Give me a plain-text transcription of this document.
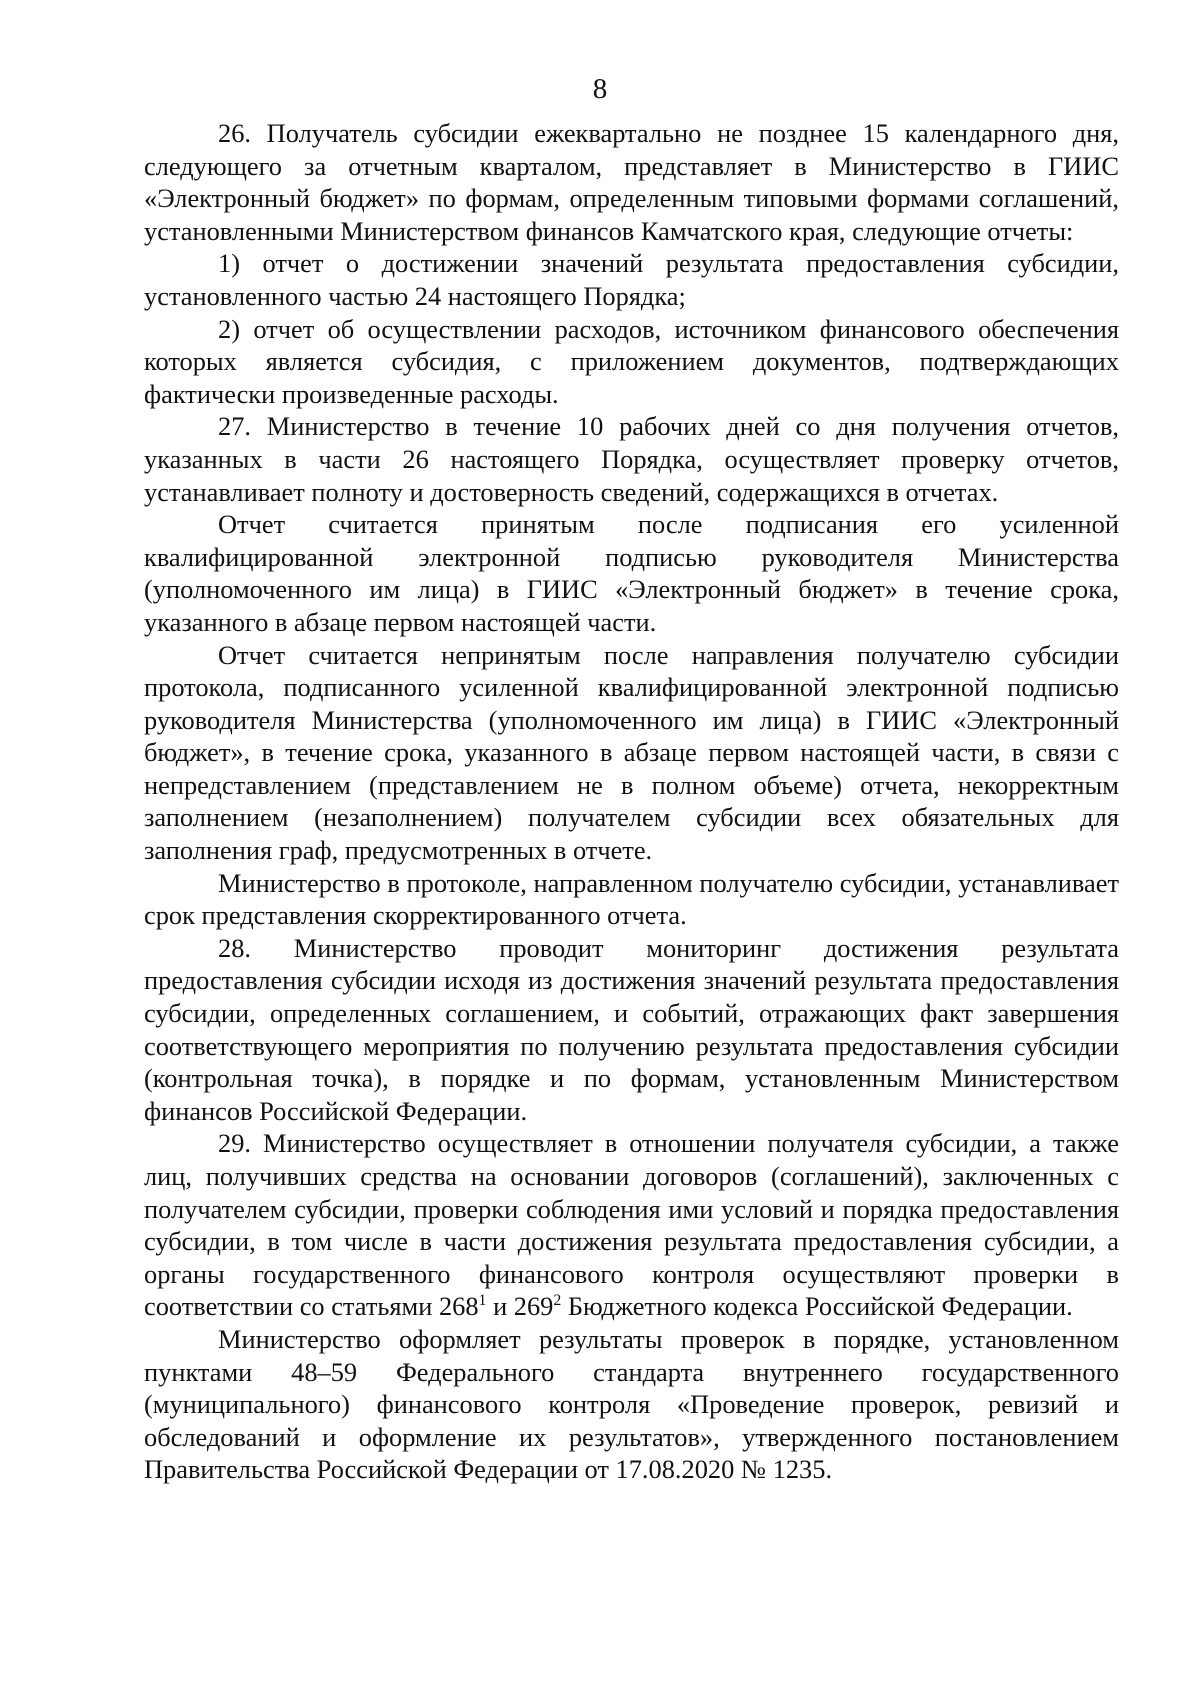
8

26. Получатель субсидии ежеквартально не позднее 15 календарного дня, следующего за отчетным кварталом, представляет в Министерство в ГИИС «Электронный бюджет» по формам, определенным типовыми формами соглашений, установленными Министерством финансов Камчатского края, следующие отчеты:

1) отчет о достижении значений результата предоставления субсидии, установленного частью 24 настоящего Порядка;

2) отчет об осуществлении расходов, источником финансового обеспечения которых является субсидия, с приложением документов, подтверждающих фактически произведенные расходы.

27. Министерство в течение 10 рабочих дней со дня получения отчетов, указанных в части 26 настоящего Порядка, осуществляет проверку отчетов, устанавливает полноту и достоверность сведений, содержащихся в отчетах.

Отчет считается принятым после подписания его усиленной квалифицированной электронной подписью руководителя Министерства (уполномоченного им лица) в ГИИС «Электронный бюджет» в течение срока, указанного в абзаце первом настоящей части.

Отчет считается непринятым после направления получателю субсидии протокола, подписанного усиленной квалифицированной электронной подписью руководителя Министерства (уполномоченного им лица) в ГИИС «Электронный бюджет», в течение срока, указанного в абзаце первом настоящей части, в связи с непредставлением (представлением не в полном объеме) отчета, некорректным заполнением (незаполнением) получателем субсидии всех обязательных для заполнения граф, предусмотренных в отчете.

Министерство в протоколе, направленном получателю субсидии, устанавливает срок представления скорректированного отчета.

28. Министерство проводит мониторинг достижения результата предоставления субсидии исходя из достижения значений результата предоставления субсидии, определенных соглашением, и событий, отражающих факт завершения соответствующего мероприятия по получению результата предоставления субсидии (контрольная точка), в порядке и по формам, установленным Министерством финансов Российской Федерации.

29. Министерство осуществляет в отношении получателя субсидии, а также лиц, получивших средства на основании договоров (соглашений), заключенных с получателем субсидии, проверки соблюдения ими условий и порядка предоставления субсидии, в том числе в части достижения результата предоставления субсидии, а органы государственного финансового контроля осуществляют проверки в соответствии со статьями $268^1$ и $269^2$ Бюджетного кодекса Российской Федерации.

Министерство оформляет результаты проверок в порядке, установленном пунктами 48–59 Федерального стандарта внутреннего государственного (муниципального) финансового контроля «Проведение проверок, ревизий и обследований и оформление их результатов», утвержденного постановлением Правительства Российской Федерации от 17.08.2020 № 1235.
